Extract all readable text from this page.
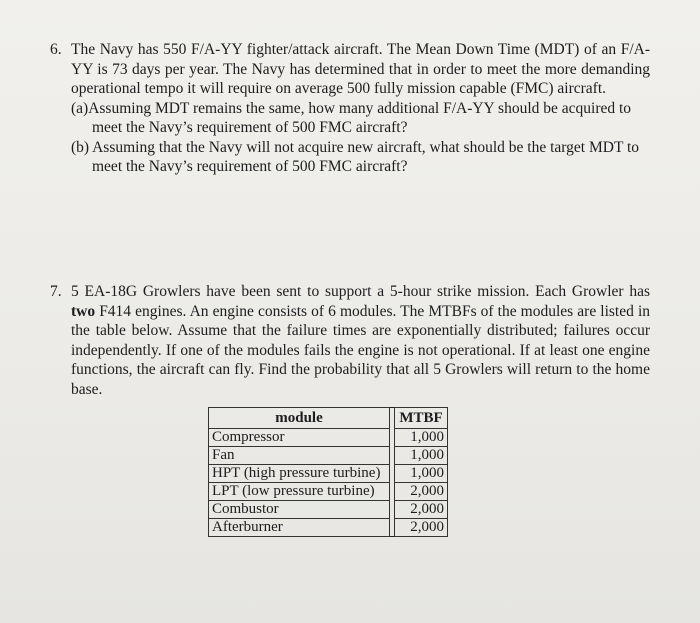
6. The Navy has 550 F/A-YY fighter/attack aircraft. The Mean Down Time (MDT) of an F/A-YY is 73 days per year. The Navy has determined that in order to meet the more demanding operational tempo it will require on average 500 fully mission capable (FMC) aircraft.

(a)Assuming MDT remains the same, how many additional F/A-YY should be acquired to meet the Navy’s requirement of 500 FMC aircraft?

(b) Assuming that the Navy will not acquire new aircraft, what should be the target MDT to meet the Navy’s requirement of 500 FMC aircraft?

7. 5 EA-18G Growlers have been sent to support a 5-hour strike mission. Each Growler has two F414 engines. An engine consists of 6 modules. The MTBFs of the modules are listed in the table below. Assume that the failure times are exponentially distributed; failures occur independently. If one of the modules fails the engine is not operational. If at least one engine functions, the aircraft can fly. Find the probability that all 5 Growlers will return to the home base.

module		MTBF
Compressor		1,000
Fan		1,000
HPT (high pressure turbine)		1,000
LPT (low pressure turbine)		2,000
Combustor		2,000
Afterburner		2,000
